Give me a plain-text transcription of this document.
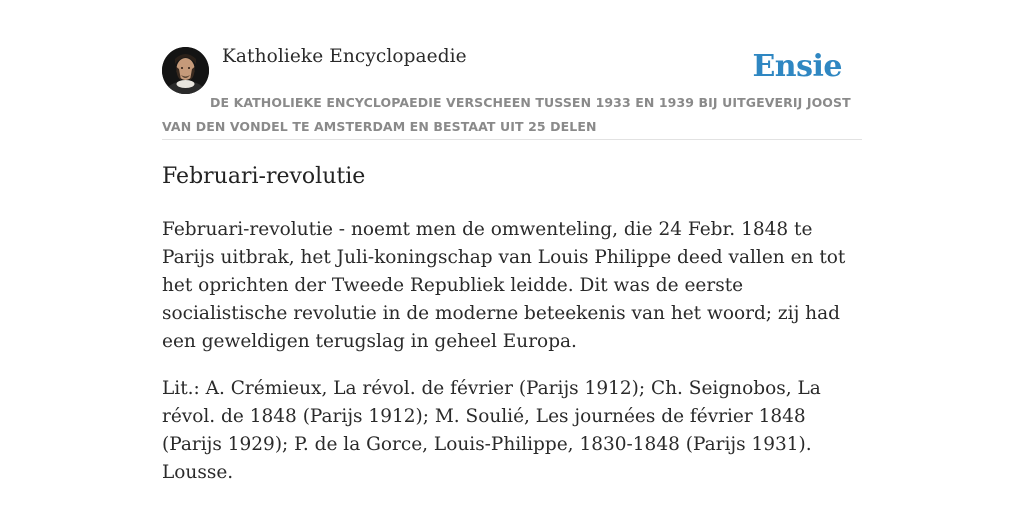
Katholieke Encyclopaedie	Ensie
DE KATHOLIEKE ENCYCLOPAEDIE VERSCHEEN TUSSEN 1933 EN 1939 BIJ UITGEVERIJ JOOST VAN DEN VONDEL TE AMSTERDAM EN BESTAAT UIT 25 DELEN
Februari-revolutie

Februari-revolutie - noemt men de omwenteling, die 24 Febr. 1848 te Parijs uitbrak, het Juli-koningschap van Louis Philippe deed vallen en tot het oprichten der Tweede Republiek leidde. Dit was de eerste socialistische revolutie in de moderne beteekenis van het woord; zij had een geweldigen terugslag in geheel Europa.

Lit.: A. Crémieux, La révol. de février (Parijs 1912); Ch. Seignobos, La révol. de 1848 (Parijs 1912); M. Soulié, Les journées de février 1848 (Parijs 1929); P. de la Gorce, Louis-Philippe, 1830-1848 (Parijs 1931). Lousse.
